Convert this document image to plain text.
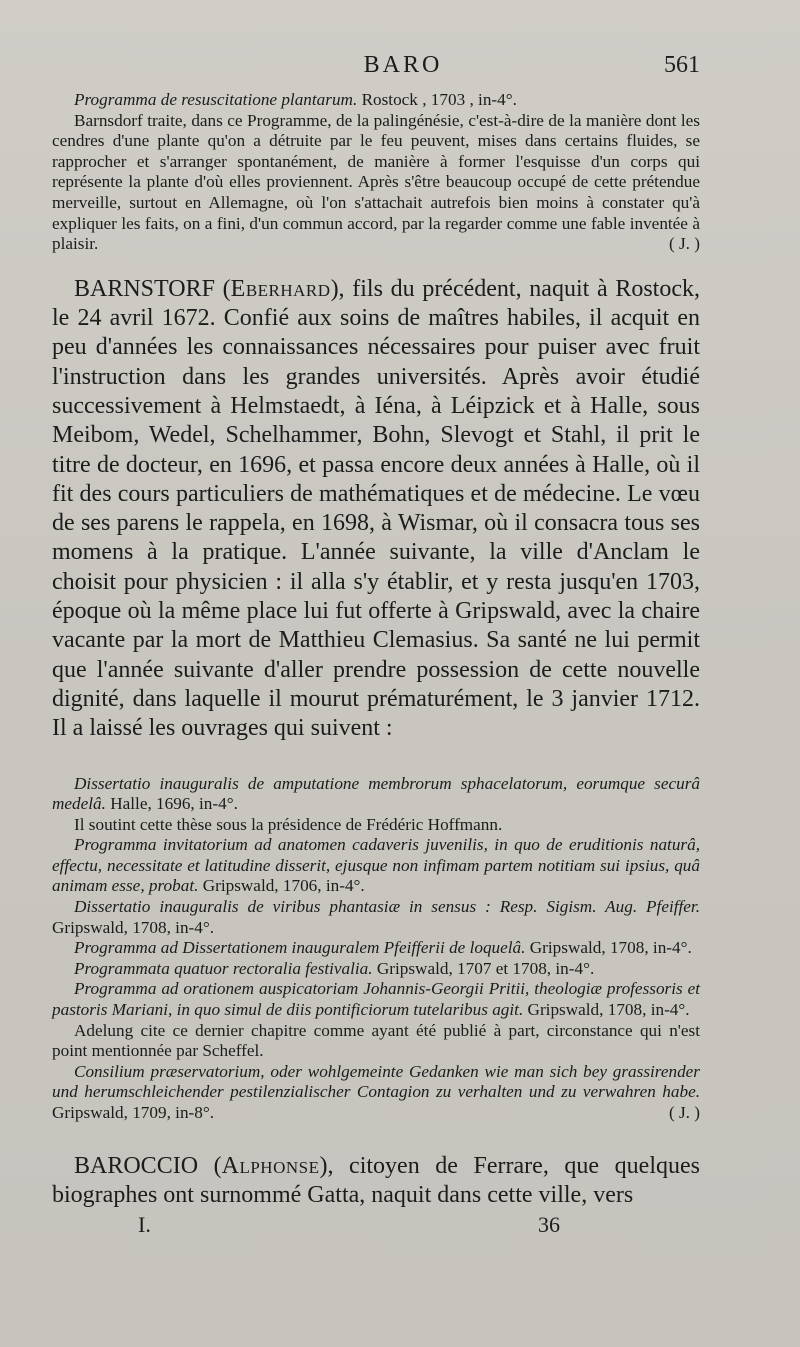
BARO	561

Programma de resuscitatione plantarum. Rostock , 1703 , in-4°.

Barnsdorf traite, dans ce Programme, de la palingénésie, c'est-à-dire de la manière dont les cendres d'une plante qu'on a détruite par le feu peuvent, mises dans certains fluides, se rapprocher et s'arranger spontanément, de manière à former l'esquisse d'un corps qui représente la plante d'où elles proviennent. Après s'être beaucoup occupé de cette prétendue merveille, surtout en Allemagne, où l'on s'attachait autrefois bien moins à constater qu'à expliquer les faits, on a fini, d'un commun accord, par la regarder comme une fable inventée à plaisir.	( J. )

BARNSTORF (Eberhard), fils du précédent, naquit à Rostock, le 24 avril 1672. Confié aux soins de maîtres habiles, il acquit en peu d'années les connaissances nécessaires pour puiser avec fruit l'instruction dans les grandes universités. Après avoir étudié successivement à Helmstaedt, à Iéna, à Léipzick et à Halle, sous Meibom, Wedel, Schelhammer, Bohn, Slevogt et Stahl, il prit le titre de docteur, en 1696, et passa encore deux années à Halle, où il fit des cours particuliers de mathématiques et de médecine. Le vœu de ses parens le rappela, en 1698, à Wismar, où il consacra tous ses momens à la pratique. L'année suivante, la ville d'Anclam le choisit pour physicien : il alla s'y établir, et y resta jusqu'en 1703, époque où la même place lui fut offerte à Gripswald, avec la chaire vacante par la mort de Matthieu Clemasius. Sa santé ne lui permit que l'année suivante d'aller prendre possession de cette nouvelle dignité, dans laquelle il mourut prématurément, le 3 janvier 1712. Il a laissé les ouvrages qui suivent :

Dissertatio inauguralis de amputatione membrorum sphacelatorum, eorumque securâ medelâ. Halle, 1696, in-4°.

Il soutint cette thèse sous la présidence de Frédéric Hoffmann.

Programma invitatorium ad anatomen cadaveris juvenilis, in quo de eruditionis naturâ, effectu, necessitate et latitudine disserit, ejusque non infimam partem notitiam sui ipsius, quâ animam esse, probat. Gripswald, 1706, in-4°.

Dissertatio inauguralis de viribus phantasiæ in sensus : Resp. Sigism. Aug. Pfeiffer. Gripswald, 1708, in-4°.

Programma ad Dissertationem inauguralem Pfeifferii de loquelâ. Gripswald, 1708, in-4°.

Programmata quatuor rectoralia festivalia. Gripswald, 1707 et 1708, in-4°.

Programma ad orationem auspicatoriam Johannis-Georgii Pritii, theologiæ professoris et pastoris Mariani, in quo simul de diis pontificiorum tutelaribus agit. Gripswald, 1708, in-4°.

Adelung cite ce dernier chapitre comme ayant été publié à part, circonstance qui n'est point mentionnée par Scheffel.

Consilium præservatorium, oder wohlgemeinte Gedanken wie man sich bey grassirender und herumschleichender pestilenzialischer Contagion zu verhalten und zu verwahren habe. Gripswald, 1709, in-8°.	( J. )

BAROCCIO (Alphonse), citoyen de Ferrare, que quelques biographes ont surnommé Gatta, naquit dans cette ville, vers

I.	36
